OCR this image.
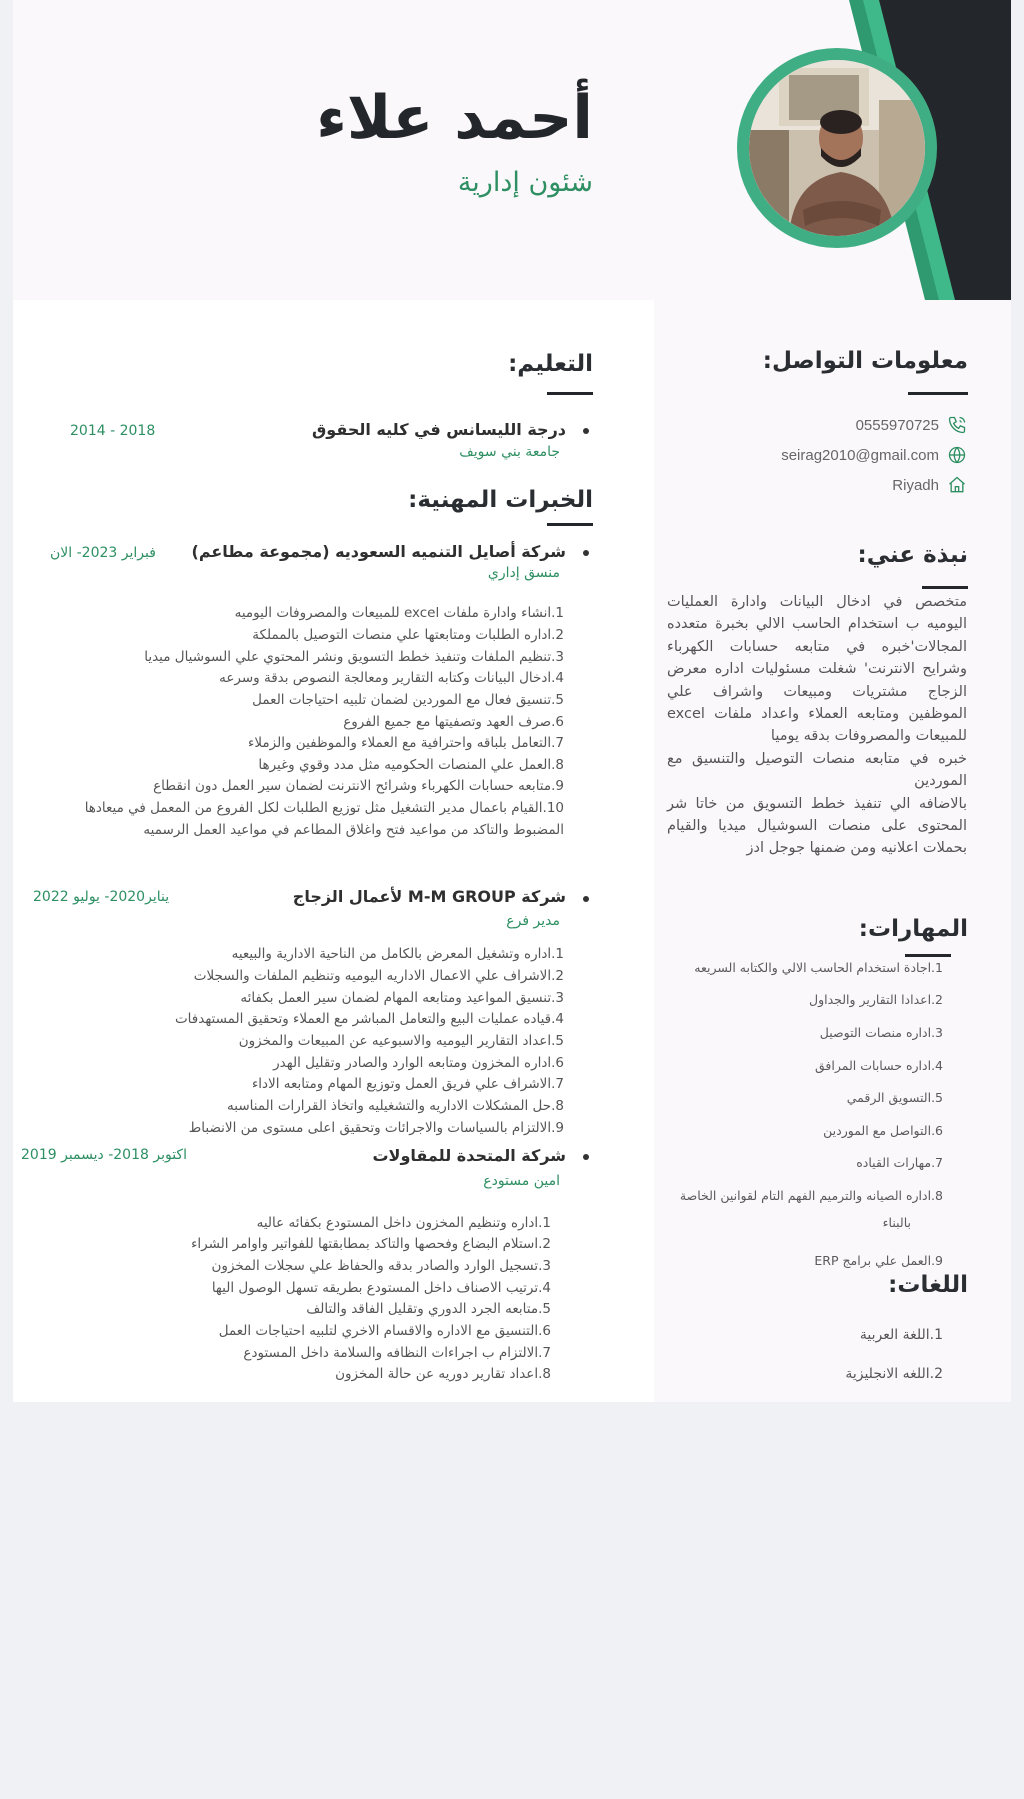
أحمد علاء
شئون إدارية
معلومات التواصل:
0555970725
seirag2010@gmail.com
Riyadh
نبذة عني:

متخصص في ادخال البيانات وادارة العمليات اليوميه ب استخدام الحاسب الالي بخبرة متعدده المجالات'خبره في متابعه حسابات الكهرباء وشرايح الانترنت' شغلت مسئوليات اداره معرض الزجاج مشتريات ومبيعات واشراف علي الموظفين ومتابعه العملاء واعداد ملفات excel للمبيعات والمصروفات بدقه يوميا

خبره في متابعه منصات التوصيل والتنسيق مع الموردين

بالاضافه الي تنفيذ خطط التسويق من خاتا شر المحتوى على منصات السوشيال ميديا والقيام بحملات اعلانيه ومن ضمنها جوجل ادز

المهارات:
1.اجادة استخدام الحاسب الالي والكتابه السريعه
2.اعدادا التقارير والجداول
3.اداره منصات التوصيل
4.اداره حسابات المرافق
5.التسويق الرقمي
6.التواصل مع الموردين
7.مهارات القياده
8.اداره الصيانه والترميم الفهم التام لقوانين الخاصة
بالبناء
9.العمل علي برامج ERP
اللغات:
1.اللغة العربية
2.اللغه الانجليزية
التعليم:
درجة الليسانس في كليه الحقوق
جامعة بني سويف
2018 - 2014
الخبرات المهنية:
شركة أصايل التنميه السعوديه (مجموعة مطاعم)
فبراير 2023- الان
منسق إداري
1.انشاء وادارة ملفات excel للمبيعات والمصروفات اليوميه
2.اداره الطلبات ومتابعتها علي منصات التوصيل بالمملكة
3.تنظيم الملفات وتنفيذ خطط التسويق ونشر المحتوي علي السوشيال ميديا
4.ادخال البيانات وكتابه التقارير ومعالجة النصوص بدقة وسرعه
5.تنسيق فعال مع الموردين لضمان تلبيه احتياجات العمل
6.صرف العهد وتصفيتها مع جميع الفروع
7.التعامل بلباقه واحترافية مع العملاء والموظفين والزملاء
8.العمل علي المنصات الحكوميه مثل مدد وقوي وغيرها
9.متابعه حسابات الكهرباء وشرائح الانترنت لضمان سير العمل دون انقطاع
10.القيام باعمال مدير التشغيل مثل توزيع الطلبات لكل الفروع من المعمل في ميعادها المضبوط والتاكد من مواعيد فتح واغلاق المطاعم في مواعيد العمل الرسميه
شركة M-M GROUP لأعمال الزجاج
يناير2020- يوليو 2022
مدير فرع
1.اداره وتشغيل المعرض بالكامل من الناحية الادارية والبيعيه
2.الاشراف علي الاعمال الاداريه اليوميه وتنظيم الملفات والسجلات
3.تنسيق المواعيد ومتابعه المهام لضمان سير العمل بكفائه
4.قياده عمليات البيع والتعامل المباشر مع العملاء وتحقيق المستهدفات
5.اعداد التقارير اليوميه والاسبوعيه عن المبيعات والمخزون
6.اداره المخزون ومتابعه الوارد والصادر وتقليل الهدر
7.الاشراف علي فريق العمل وتوزيع المهام ومتابعه الاداء
8.حل المشكلات الاداريه والتشغيليه واتخاذ القرارات المناسبه
9.الالتزام بالسياسات والاجرائات وتحقيق اعلى مستوى من الانضباط
شركة المتحدة للمقاولات
اكتوبر 2018- ديسمبر 2019
امين مستودع
1.اداره وتنظيم المخزون داخل المستودع بكفائه عاليه
2.استلام البضاع وفحصها والتاكد بمطابقتها للفواتير واوامر الشراء
3.تسجيل الوارد والصادر بدقه والحفاظ علي سجلات المخزون
4.ترتيب الاصناف داخل المستودع بطريقه تسهل الوصول اليها
5.متابعه الجرد الدوري وتقليل الفاقد والتالف
6.التنسيق مع الاداره والاقسام الاخري لتلبيه احتياجات العمل
7.الالتزام ب اجراءات النظافه والسلامة داخل المستودع
8.اعداد تقارير دوريه عن حالة المخزون
